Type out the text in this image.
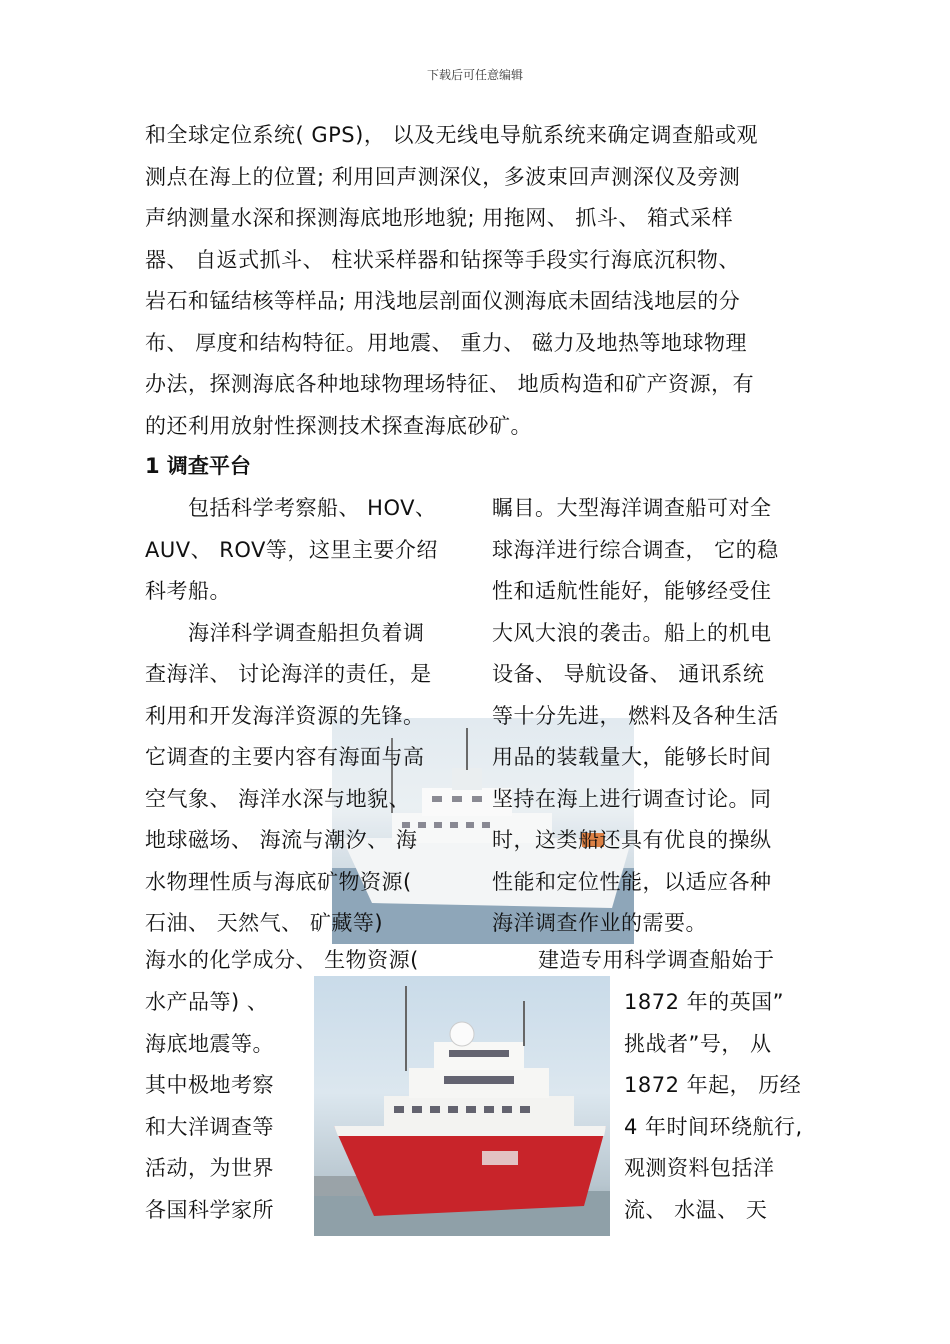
下载后可任意编辑
和全球定位系统( GPS)， 以及无线电导航系统来确定调查船或观
测点在海上的位置; 利用回声测深仪，多波束回声测深仪及旁测
声纳测量水深和探测海底地形地貌; 用拖网、 抓斗、 箱式采样
器、 自返式抓斗、 柱状采样器和钻探等手段实行海底沉积物、
岩石和锰结核等样品; 用浅地层剖面仪测海底未固结浅地层的分
布、 厚度和结构特征。用地震、 重力、 磁力及地热等地球物理
办法，探测海底各种地球物理场特征、 地质构造和矿产资源，有
的还利用放射性探测技术探查海底砂矿。
1 调查平台
　　包括科学考察船、 HOV、
AUV、 ROV等，这里主要介绍
科考船。
　　海洋科学调查船担负着调
查海洋、 讨论海洋的责任，是
利用和开发海洋资源的先锋。
它调查的主要内容有海面与高
空气象、 海洋水深与地貌、
地球磁场、 海流与潮汐、 海
水物理性质与海底矿物资源(
石油、 天然气、 矿藏等)
瞩目。大型海洋调查船可对全
球海洋进行综合调查， 它的稳
性和适航性能好，能够经受住
大风大浪的袭击。船上的机电
设备、 导航设备、 通讯系统
等十分先进， 燃料及各种生活
用品的装载量大，能够长时间
坚持在海上进行调查讨论。同
时，这类船还具有优良的操纵
性能和定位性能，以适应各种
海洋调查作业的需要。
海水的化学成分、 生物资源(	建造专用科学调查船始于
水产品等) 、
海底地震等。
其中极地考察
和大洋调查等
活动，为世界
各国科学家所
1872 年的英国”
挑战者”号， 从
1872 年起， 历经
4 年时间环绕航行,
观测资料包括洋
流、 水温、 天
